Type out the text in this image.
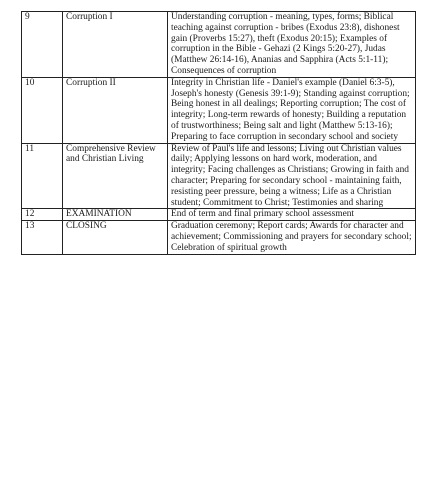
9	Corruption I	Understanding corruption - meaning, types, forms; Biblical teaching against corruption - bribes (Exodus 23:8), dishonest gain (Proverbs 15:27), theft (Exodus 20:15); Examples of corruption in the Bible - Gehazi (2 Kings 5:20-27), Judas (Matthew 26:14-16), Ananias and Sapphira (Acts 5:1-11); Consequences of corruption

10	Corruption II	Integrity in Christian life - Daniel's example (Daniel 6:3-5), Joseph's honesty (Genesis 39:1-9); Standing against corruption; Being honest in all dealings; Reporting corruption; The cost of integrity; Long-term rewards of honesty; Building a reputation of trustworthiness; Being salt and light (Matthew 5:13-16); Preparing to face corruption in secondary school and society

11	Comprehensive Review and Christian Living	Review of Paul's life and lessons; Living out Christian values daily; Applying lessons on hard work, moderation, and integrity; Facing challenges as Christians; Growing in faith and character; Preparing for secondary school - maintaining faith, resisting peer pressure, being a witness; Life as a Christian student; Commitment to Christ; Testimonies and sharing

12	EXAMINATION	End of term and final primary school assessment

13	CLOSING	Graduation ceremony; Report cards; Awards for character and achievement; Commissioning and prayers for secondary school; Celebration of spiritual growth
